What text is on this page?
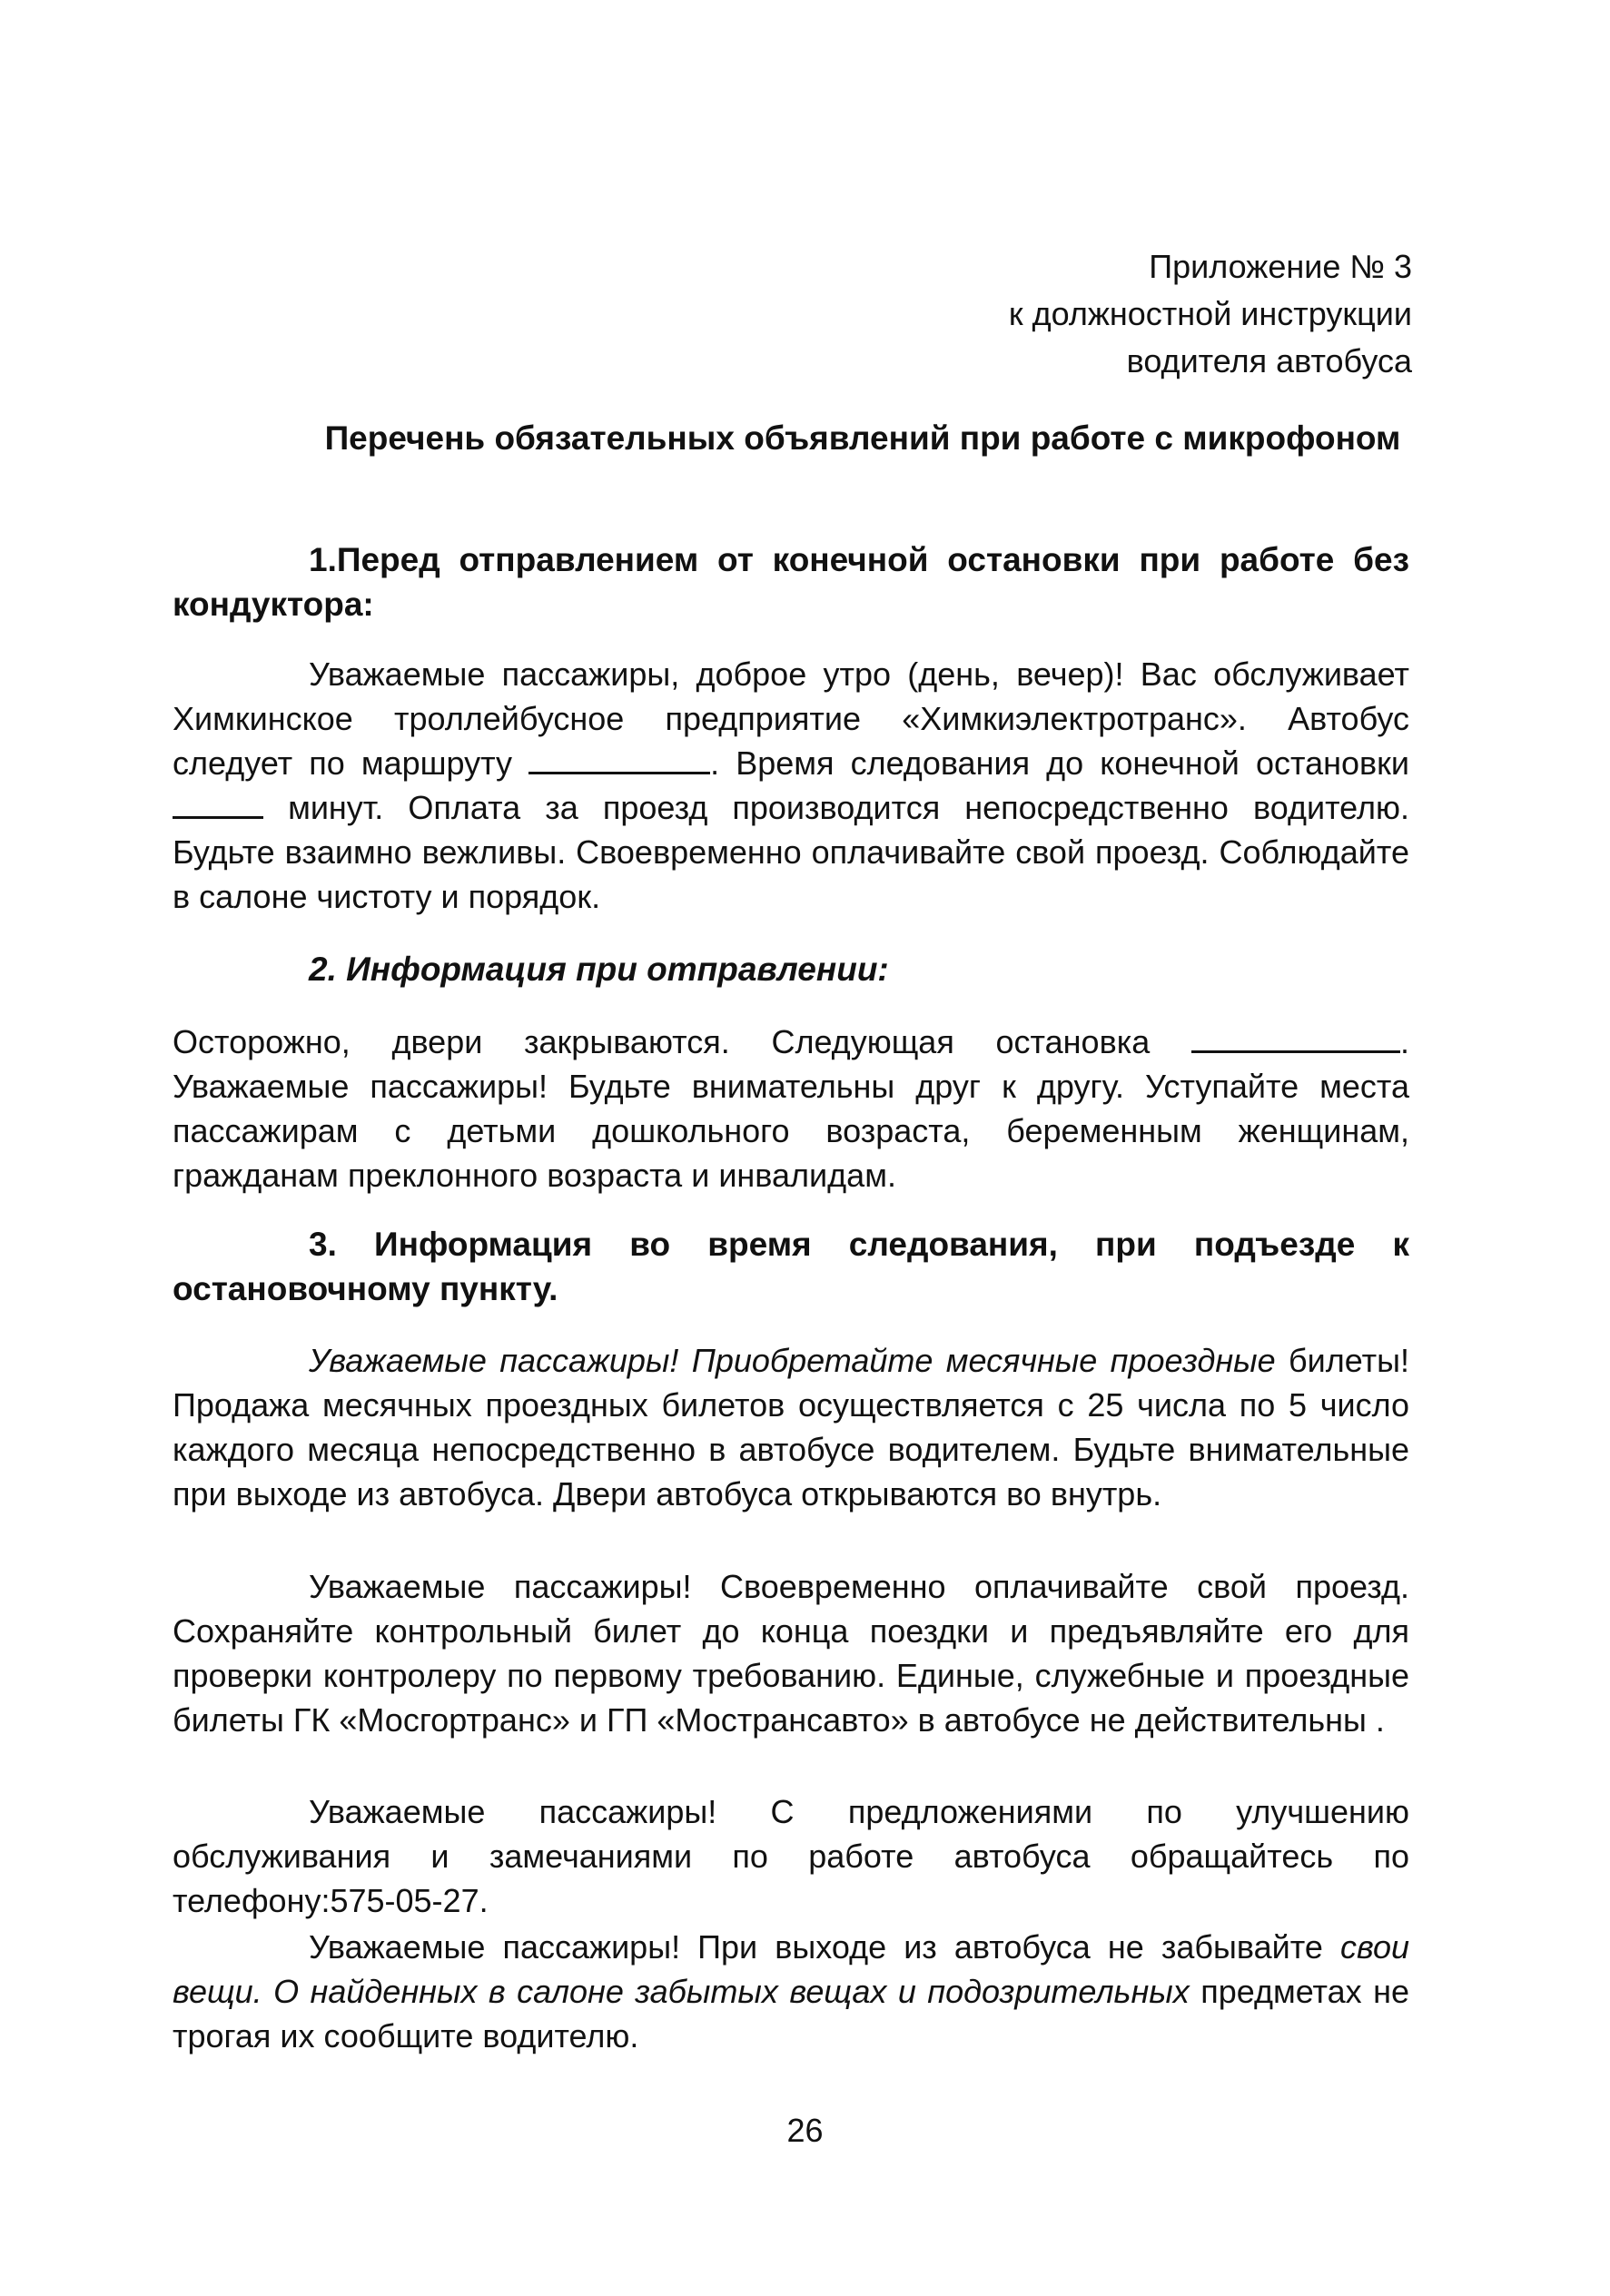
Приложение № 3
к должностной инструкции
водителя автобуса
Перечень обязательных объявлений при работе с микрофоном
1.Перед отправлением от конечной остановки при работе без кондуктора:
Уважаемые пассажиры, доброе утро (день, вечер)! Вас обслуживает Химкинское троллейбусное предприятие «Химкиэлектротранс». Автобус следует по маршруту	. Время следования до конечной остановки  минут. Оплата за проезд производится непосредственно водителю. Будьте взаимно вежливы. Своевременно оплачивайте свой проезд. Соблюдайте в салоне чистоту и порядок.
2. Информация при отправлении:
Осторожно, двери закрываются. Следующая остановка	. Уважаемые пассажиры! Будьте внимательны друг к другу. Уступайте места пассажирам с детьми дошкольного возраста, беременным женщинам, гражданам преклонного возраста и инвалидам.
3. Информация во время следования, при подъезде к остановочному пункту.
Уважаемые пассажиры! Приобретайте месячные проездные билеты! Продажа месячных проездных билетов осуществляется с 25 числа по 5 число каждого месяца непосредственно в автобусе водителем. Будьте внимательные при выходе из автобуса. Двери автобуса открываются во внутрь.
Уважаемые пассажиры! Своевременно оплачивайте свой проезд. Сохраняйте контрольный билет до конца поездки и предъявляйте его для проверки контролеру по первому требованию. Единые, служебные и проездные билеты ГК «Мосгортранс» и ГП «Мострансавто» в автобусе не действительны .
Уважаемые пассажиры! С предложениями по улучшению обслуживания и замечаниями по работе автобуса обращайтесь по телефону:575-05-27.
Уважаемые пассажиры! При выходе из автобуса не забывайте свои вещи. О найденных в салоне забытых вещах и подозрительных предметах не трогая их сообщите водителю.
26
